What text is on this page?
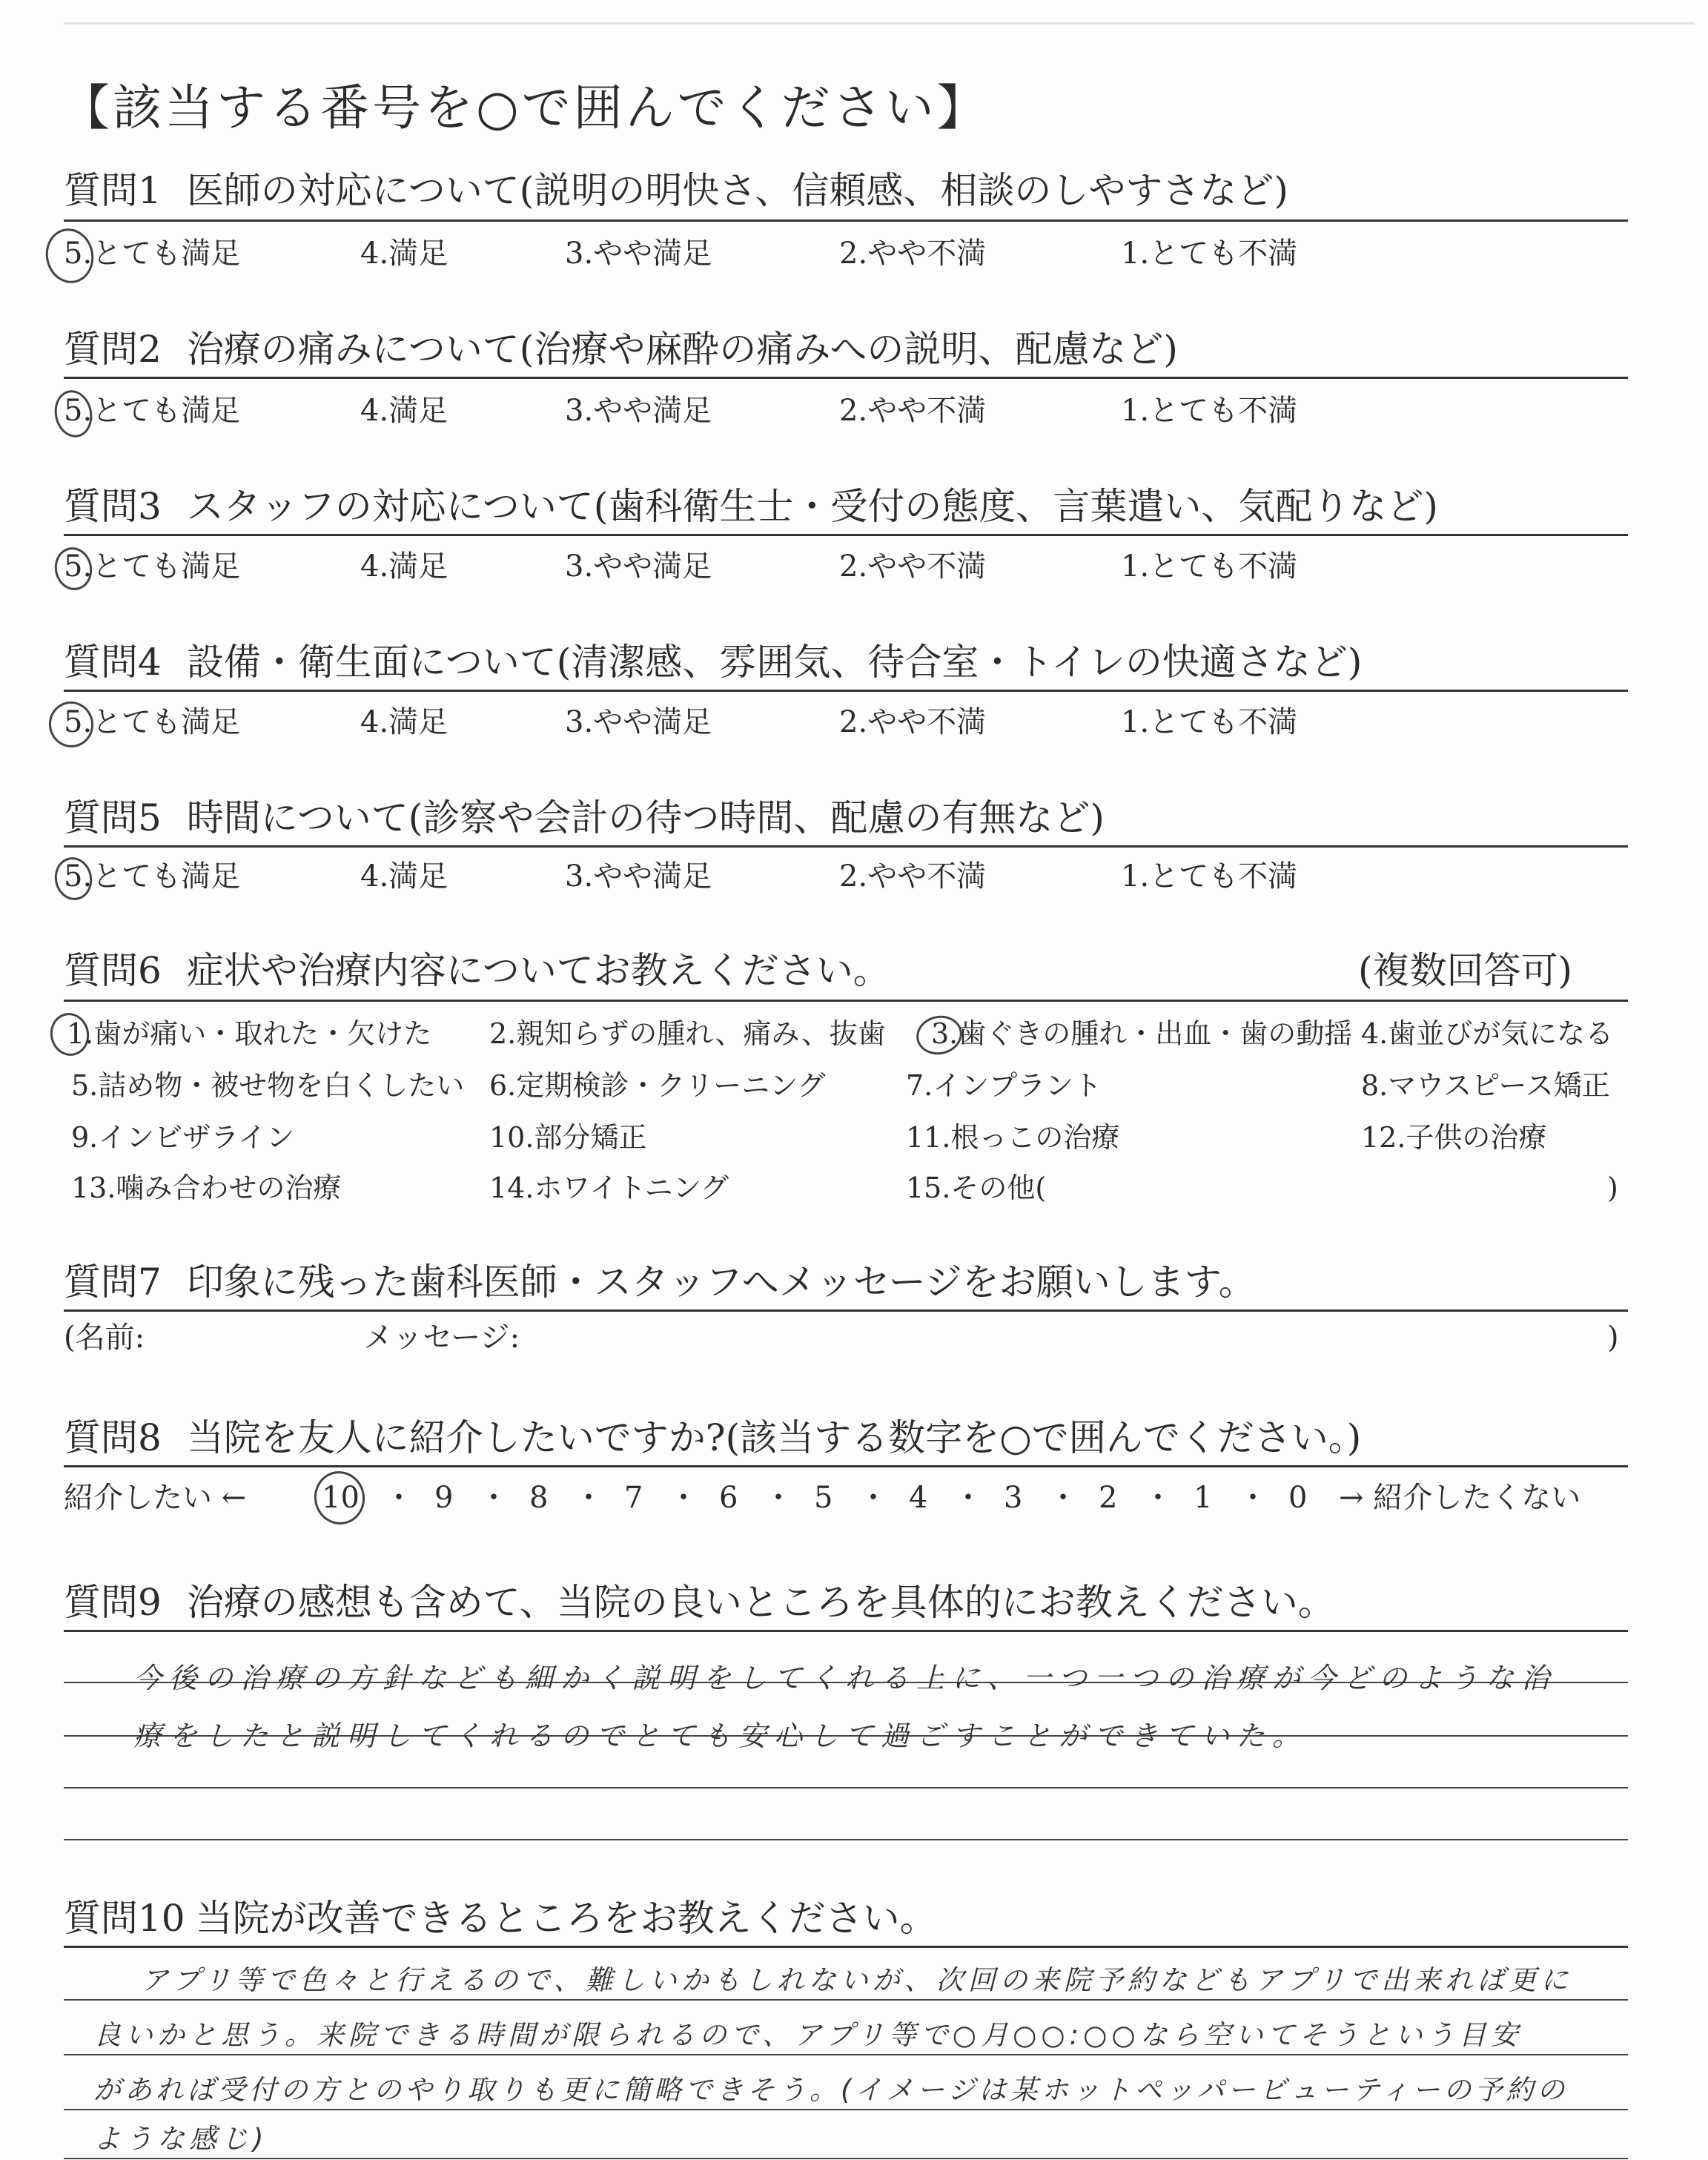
【該当する番号を○で囲んでください】
質問1 医師の対応について(説明の明快さ、信頼感、相談のしやすさなど)
5.とても満足	4.満足	3.やや満足	2.やや不満	1.とても不満
質問2 治療の痛みについて(治療や麻酔の痛みへの説明、配慮など)
5.とても満足	4.満足	3.やや満足	2.やや不満	1.とても不満
質問3 スタッフの対応について(歯科衛生士・受付の態度、言葉遣い、気配りなど)
5.とても満足	4.満足	3.やや満足	2.やや不満	1.とても不満
質問4 設備・衛生面について(清潔感、雰囲気、待合室・トイレの快適さなど)
5.とても満足	4.満足	3.やや満足	2.やや不満	1.とても不満
質問5 時間について(診察や会計の待つ時間、配慮の有無など)
5.とても満足	4.満足	3.やや満足	2.やや不満	1.とても不満
質問6 症状や治療内容についてお教えください。	(複数回答可)
1.歯が痛い・取れた・欠けた 2.親知らずの腫れ、痛み、抜歯 3.歯ぐきの腫れ・出血・歯の動揺 4.歯並びが気になる
5.詰め物・被せ物を白くしたい 6.定期検診・クリーニング	7.インプラント	8.マウスピース矯正
9.インビザライン	10.部分矯正	11.根っこの治療	12.子供の治療
13.噛み合わせの治療	14.ホワイトニング	15.その他(	)
質問7 印象に残った歯科医師・スタッフへメッセージをお願いします。
(名前:	メッセージ:	)
質問8 当院を友人に紹介したいですか?(該当する数字を○で囲んでください。)
紹介したい ←	10 ・ 9 ・ 8 ・ 7 ・ 6 ・ 5 ・ 4 ・ 3 ・ 2 ・ 1 ・ 0 → 紹介したくない
質問9 治療の感想も含めて、当院の良いところを具体的にお教えください。
今後の治療の方針なども細かく説明をしてくれる上に、一つ一つの治療が今どのような治療をしたと説明してくれるのでとても安心して過ごすことができていた。
質問10 当院が改善できるところをお教えください。
アプリ等で色々と行えるので、難しいかもしれないが、次回の来院予約などもアプリで出来れば更に
良いかと思う。来院できる時間が限られるので、アプリ等で○月○○:○○なら空いてそうという目安
があれば受付の方とのやり取りも更に簡略できそう。(イメージは某ホットペッパービューティーの予約の
ような感じ)
